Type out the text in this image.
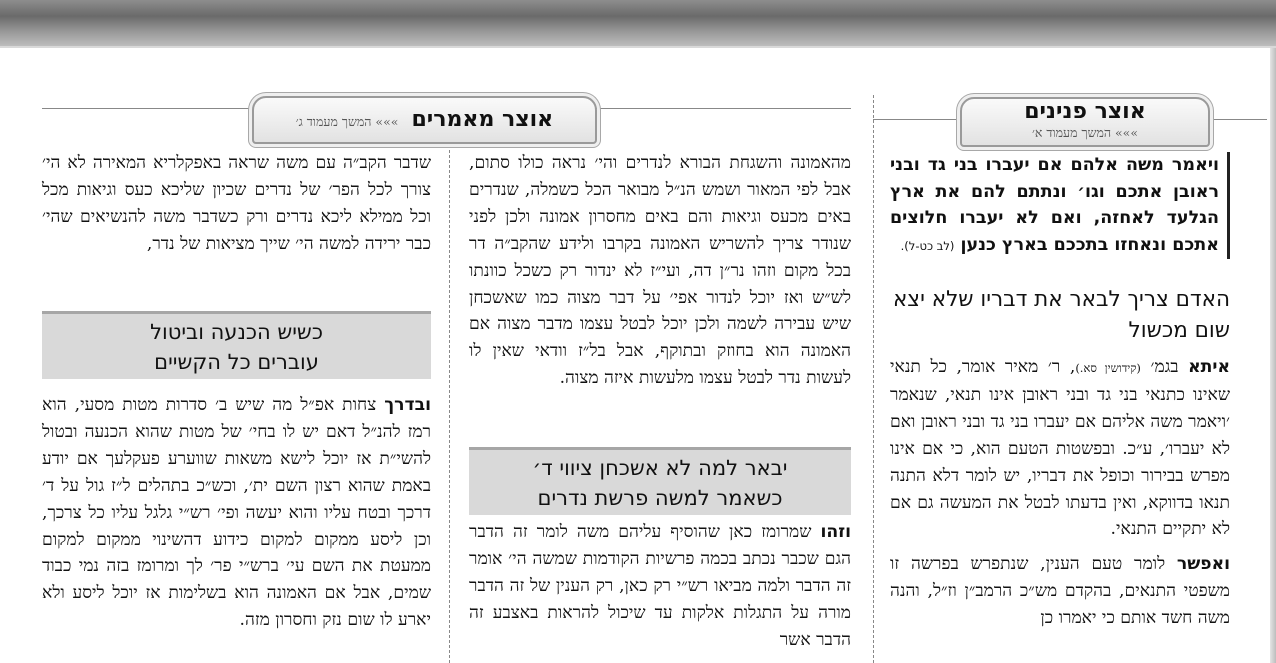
אוצר פנינים
»»» המשך מעמוד א׳
אוצר מאמרים »»» המשך מעמוד ג׳
ויאמר משה אלהם אם יעברו בני גד ובני ראובן אתכם וגו׳ ונתתם להם את ארץ הגלעד לאחזה, ואם לא יעברו חלוצים אתכם ונאחזו בתככם בארץ כנען (לב כט-ל).
האדם צריך לבאר את דבריו שלא יצא שום מכשול

איתא בגמ׳ (קידושין סא.), ר׳ מאיר אומר, כל תנאי שאינו כתנאי בני גד ובני ראובן אינו תנאי, שנאמר ׳ויאמר משה אליהם אם יעברו בני גד ובני ראובן ואם לא יעברו׳, ע״כ. ובפשטות הטעם הוא, כי אם אינו מפרש בבירור וכופל את דבריו, יש לומר דלא התנה תנאו בדווקא, ואין בדעתו לבטל את המעשה גם אם לא יתקיים התנאי.

ואפשר לומר טעם הענין, שנתפרש בפרשה זו משפטי התנאים, בהקדם מש״כ הרמב״ן וז״ל, והנה משה חשד אותם כי יאמרו כן

מהאמונה והשגחת הבורא לנדרים והי׳ נראה כולו סתום, אבל לפי המאור ושמש הנ״ל מבואר הכל כשמלה, שנדרים באים מכעס וגיאות והם באים מחסרון אמונה ולכן לפני שנודר צריך להשריש האמונה בקרבו ולידע שהקב״ה דר בכל מקום וזהו נר״ן דה, ועי״ז לא ינדור רק כשכל כוונתו לש״ש ואז יוכל לנדור אפי׳ על דבר מצוה כמו שאשכחן שיש עבירה לשמה ולכן יוכל לבטל עצמו מדבר מצוה אם האמונה הוא בחוזק ובתוקף, אבל בל״ז וודאי שאין לו לעשות נדר לבטל עצמו מלעשות איזה מצוה.

יבאר למה לא אשכחן ציווי ד׳
כשאמר למשה פרשת נדרים

וזהו שמרומז כאן שהוסיף עליהם משה לומר זה הדבר הגם שכבר נכתב בכמה פרשיות הקודמות שמשה הי׳ אומר זה הדבר ולמה מביאו רש״י רק כאן, רק הענין של זה הדבר מורה על התגלות אלקות עד שיכול להראות באצבע זה הדבר אשר

שדבר הקב״ה עם משה שראה באפקלריא המאירה לא הי׳ צורך לכל הפר׳ של נדרים שכיון שליכא כעס וגיאות מכל וכל ממילא ליכא נדרים ורק כשדבר משה להנשיאים שהי׳ כבר ירידה למשה הי׳ שייך מציאות של נדר,

כשיש הכנעה וביטול
עוברים כל הקשיים

ובדרך צחות אפ״ל מה שיש ב׳ סדרות מטות מסעי, הוא רמז להנ״ל דאם יש לו בחי׳ של מטות שהוא הכנעה ובטול להשי״ת אז יוכל לישא משאות שווערע פעקלעך אם יודע באמת שהוא רצון השם ית׳, וכש״כ בתהלים ל״ז גול על ד׳ דרכך ובטח עליו והוא יעשה ופי׳ רש״י גלגל עליו כל צרכך, וכן ליסע ממקום למקום כידוע דהשינוי ממקום למקום ממעטת את השם עי׳ ברש״י פר׳ לך ומרומז בזה נמי כבוד שמים, אבל אם האמונה הוא בשלימות אז יוכל ליסע ולא יארע לו שום נזק וחסרון מזה.
